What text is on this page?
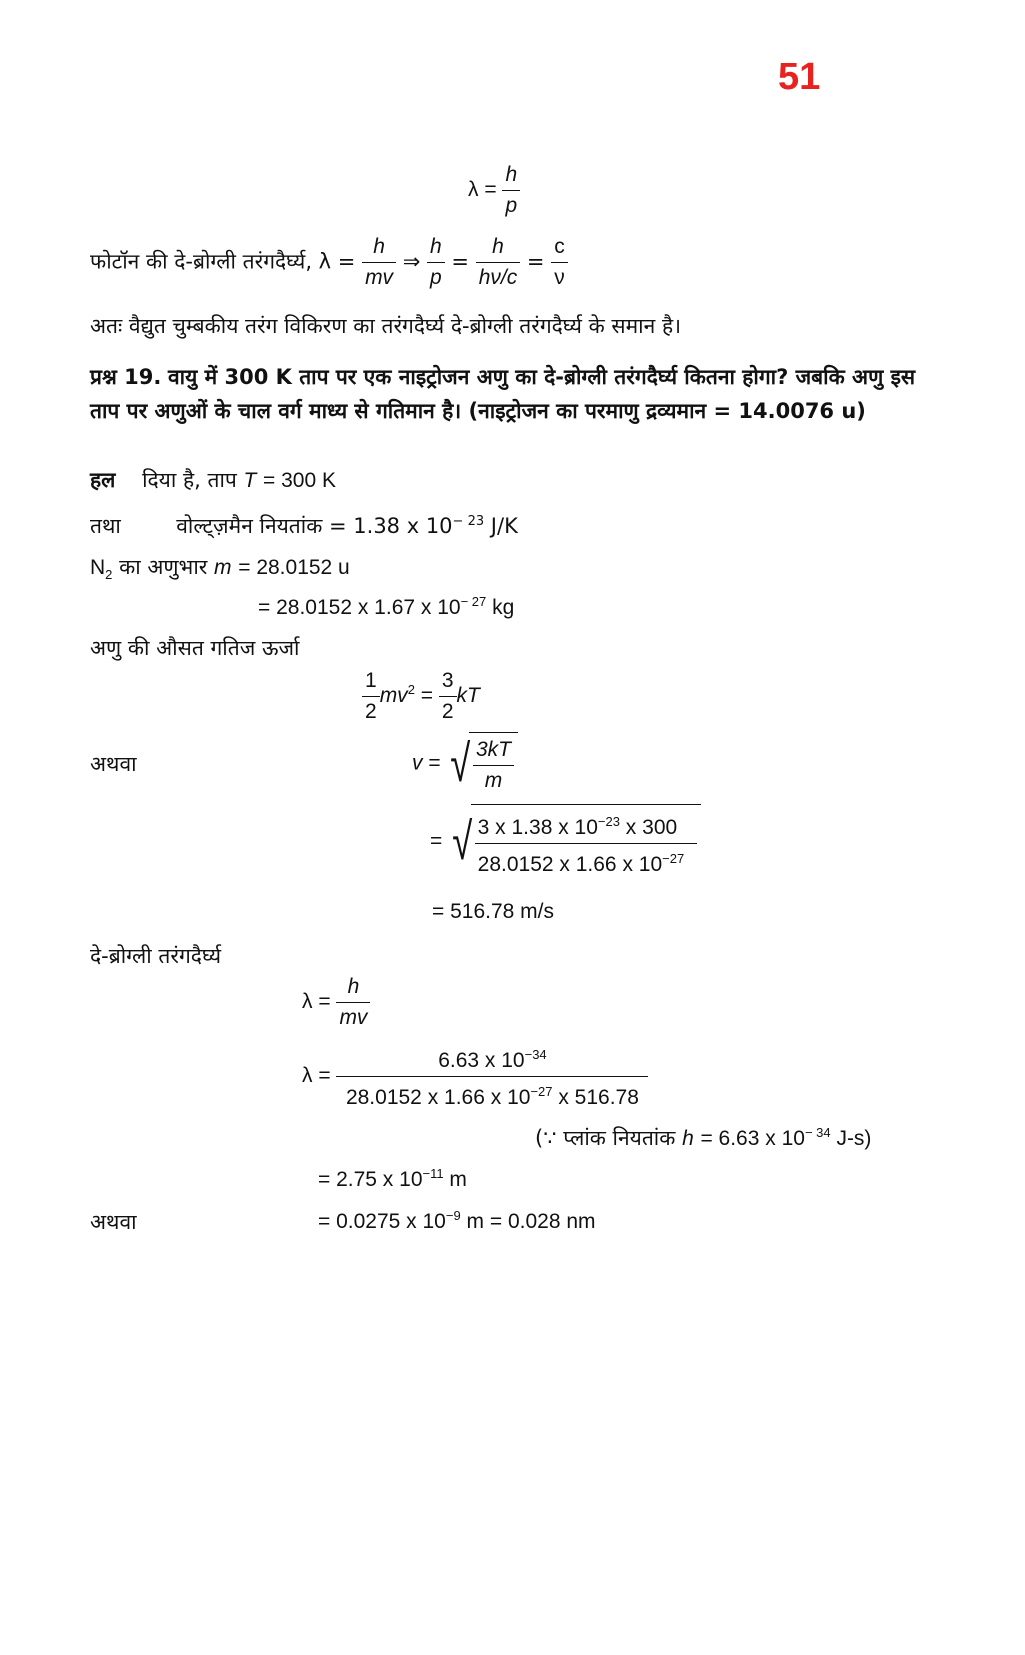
51
$\lambda = \frac{h}{p}$
फोटॉन की दे-ब्रोग्ली तरंगदैर्घ्य, $\lambda = \frac{h}{mv}$ ⇒ $\frac{h}{p} = \frac{h}{h\nu/c} = \frac{c}{\nu}$
अतः वैद्युत चुम्बकीय तरंग विकिरण का तरंगदैर्घ्य दे-ब्रोग्ली तरंगदैर्घ्य के समान है।
प्रश्न 19. वायु में 300 K ताप पर एक नाइट्रोजन अणु का दे-ब्रोग्ली तरंगदैर्घ्य कितना होगा? जबकि अणु इस ताप पर अणुओं के चाल वर्ग माध्य से गतिमान है। (नाइट्रोजन का परमाणु द्रव्यमान = 14.0076 u)
हल दिया है, ताप T = 300 K
तथा	वोल्ट्ज़मैन नियतांक = 1.38 x $10^{- 23}$ J/K
$N_2$ का अणुभार m = 28.0152 u
= 28.0152 x 1.67 x $10^{- 27}$ kg
अणु की औसत गतिज ऊर्जा
$\frac{1}{2} mv^2 = \frac{3}{2}$ kT
अथवा	v = √ $\frac{3kT}{m}$
= √ 3 x 1.38 x $10^{-23}$ x 300
28.0152 x 1.66 x $10^{-27}$
= 516.78 m/s
दे-ब्रोग्ली तरंगदैर्घ्य
$\lambda = \frac{h}{mv}$
$\lambda = \frac{6.63 x 10^{-34}}{28.0152 x 1.66 x 10^{-27} x 516.78}$
(∵ प्लांक नियतांक h = 6.63 x $10^{- 34}$ J-s)
= 2.75 x $10^{-11}$ m
अथवा	= 0.0275 x $10^{-9}$ m = 0.028 nm
